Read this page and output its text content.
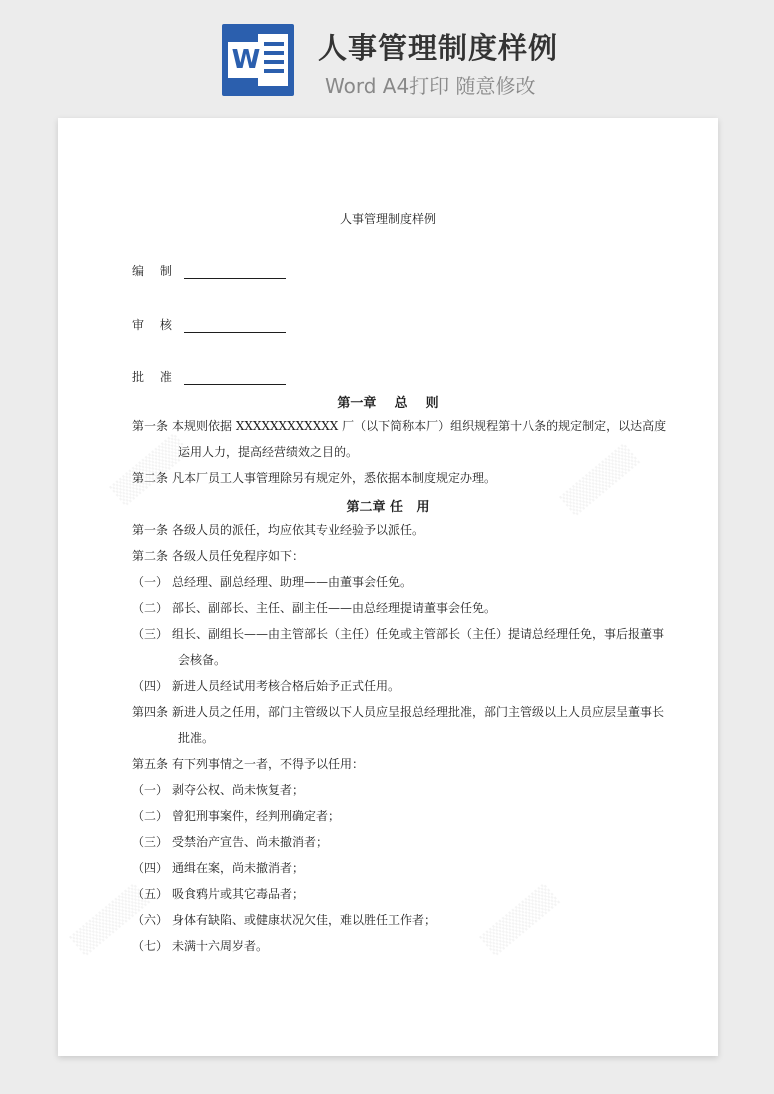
W 人事管理制度样例
Word A4打印 随意修改
人事管理制度样例
编 制
审 核
批 准
第一章    总    则
第一条 本规则依据 XXXXXXXXXXXX 厂（以下简称本厂）组织规程第十八条的规定制定，以达高度
运用人力，提高经营绩效之目的。
第二条 凡本厂员工人事管理除另有规定外，悉依据本制度规定办理。
第二章 任   用
第一条 各级人员的派任，均应依其专业经验予以派任。
第二条 各级人员任免程序如下：
（一） 总经理、副总经理、助理——由董事会任免。
（二） 部长、副部长、主任、副主任——由总经理提请董事会任免。
（三） 组长、副组长——由主管部长（主任）任免或主管部长（主任）提请总经理任免，事后报董事
会核备。
（四） 新进人员经试用考核合格后始予正式任用。
第四条 新进人员之任用，部门主管级以下人员应呈报总经理批准，部门主管级以上人员应层呈董事长
批准。
第五条 有下列事情之一者，不得予以任用：
（一） 剥夺公权、尚未恢复者；
（二） 曾犯刑事案件，经判刑确定者；
（三） 受禁治产宣告、尚未撤消者；
（四） 通缉在案，尚未撤消者；
（五） 吸食鸦片或其它毒品者；
（六） 身体有缺陷、或健康状况欠佳，难以胜任工作者；
（七） 未满十六周岁者。
